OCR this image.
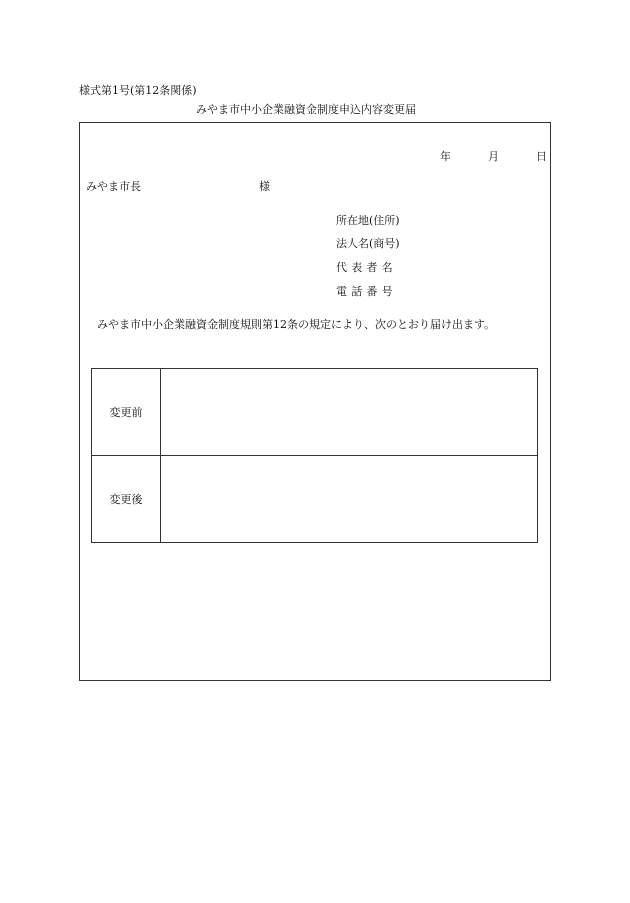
様式第1号(第12条関係)
みやま市中小企業融資金制度申込内容変更届
年	月	日
みやま市長	様
所在地(住所)
法人名(商号)
代表者名
電話番号
みやま市中小企業融資金制度規則第12条の規定により、次のとおり届け出ます。
変更前	
変更後	
